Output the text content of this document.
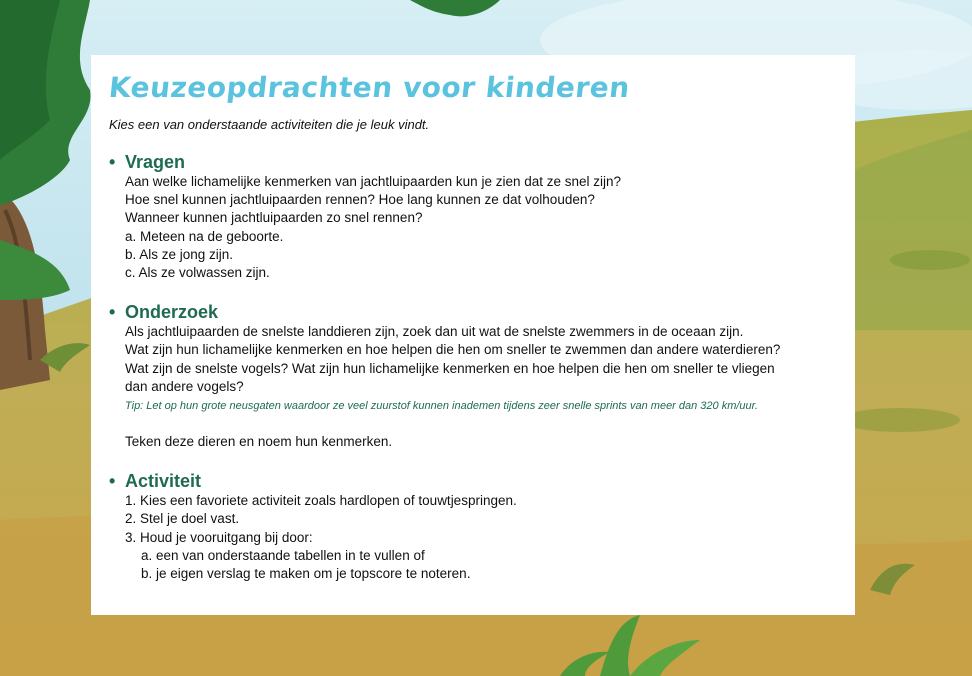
Keuzeopdrachten voor kinderen

Kies een van onderstaande activiteiten die je leuk vindt.

• Vragen
Aan welke lichamelijke kenmerken van jachtluipaarden kun je zien dat ze snel zijn?
Hoe snel kunnen jachtluipaarden rennen? Hoe lang kunnen ze dat volhouden?
Wanneer kunnen jachtluipaarden zo snel rennen?
a. Meteen na de geboorte.
b. Als ze jong zijn.
c. Als ze volwassen zijn.
• Onderzoek
Als jachtluipaarden de snelste landdieren zijn, zoek dan uit wat de snelste zwemmers in de oceaan zijn.
Wat zijn hun lichamelijke kenmerken en hoe helpen die hen om sneller te zwemmen dan andere waterdieren?
Wat zijn de snelste vogels? Wat zijn hun lichamelijke kenmerken en hoe helpen die hen om sneller te vliegen
dan andere vogels?
Tip: Let op hun grote neusgaten waardoor ze veel zuurstof kunnen inademen tijdens zeer snelle sprints van meer dan 320 km/uur.
Teken deze dieren en noem hun kenmerken.
• Activiteit
1. Kies een favoriete activiteit zoals hardlopen of touwtjespringen.
2. Stel je doel vast.
3. Houd je vooruitgang bij door:
a. een van onderstaande tabellen in te vullen of
b. je eigen verslag te maken om je topscore te noteren.
